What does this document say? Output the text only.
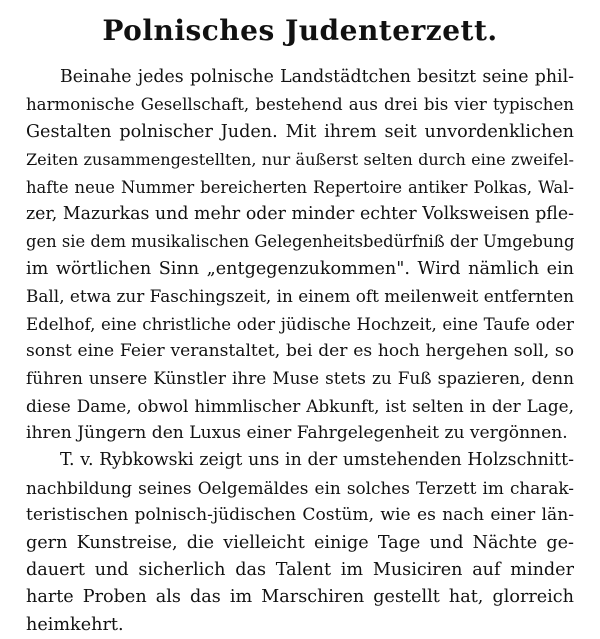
Polnisches Judenterzett.
Beinahe jedes polnische Landstädtchen besitzt seine phil-
harmonische Gesellschaft, bestehend aus drei bis vier typischen
Gestalten polnischer Juden. Mit ihrem seit unvordenklichen
Zeiten zusammengestellten, nur äußerst selten durch eine zweifel-
hafte neue Nummer bereicherten Repertoire antiker Polkas, Wal-
zer, Mazurkas und mehr oder minder echter Volksweisen pfle-
gen sie dem musikalischen Gelegenheitsbedürfniß der Umgebung
im wörtlichen Sinn „entgegenzukommen". Wird nämlich ein
Ball, etwa zur Faschingszeit, in einem oft meilenweit entfernten
Edelhof, eine christliche oder jüdische Hochzeit, eine Taufe oder
sonst eine Feier veranstaltet, bei der es hoch hergehen soll, so
führen unsere Künstler ihre Muse stets zu Fuß spazieren, denn
diese Dame, obwol himmlischer Abkunft, ist selten in der Lage,
ihren Jüngern den Luxus einer Fahrgelegenheit zu vergönnen.
T. v. Rybkowski zeigt uns in der umstehenden Holzschnitt-
nachbildung seines Oelgemäldes ein solches Terzett im charak-
teristischen polnisch-jüdischen Costüm, wie es nach einer län-
gern Kunstreise, die vielleicht einige Tage und Nächte ge-
dauert und sicherlich das Talent im Musiciren auf minder
harte Proben als das im Marschiren gestellt hat, glorreich
heimkehrt.
